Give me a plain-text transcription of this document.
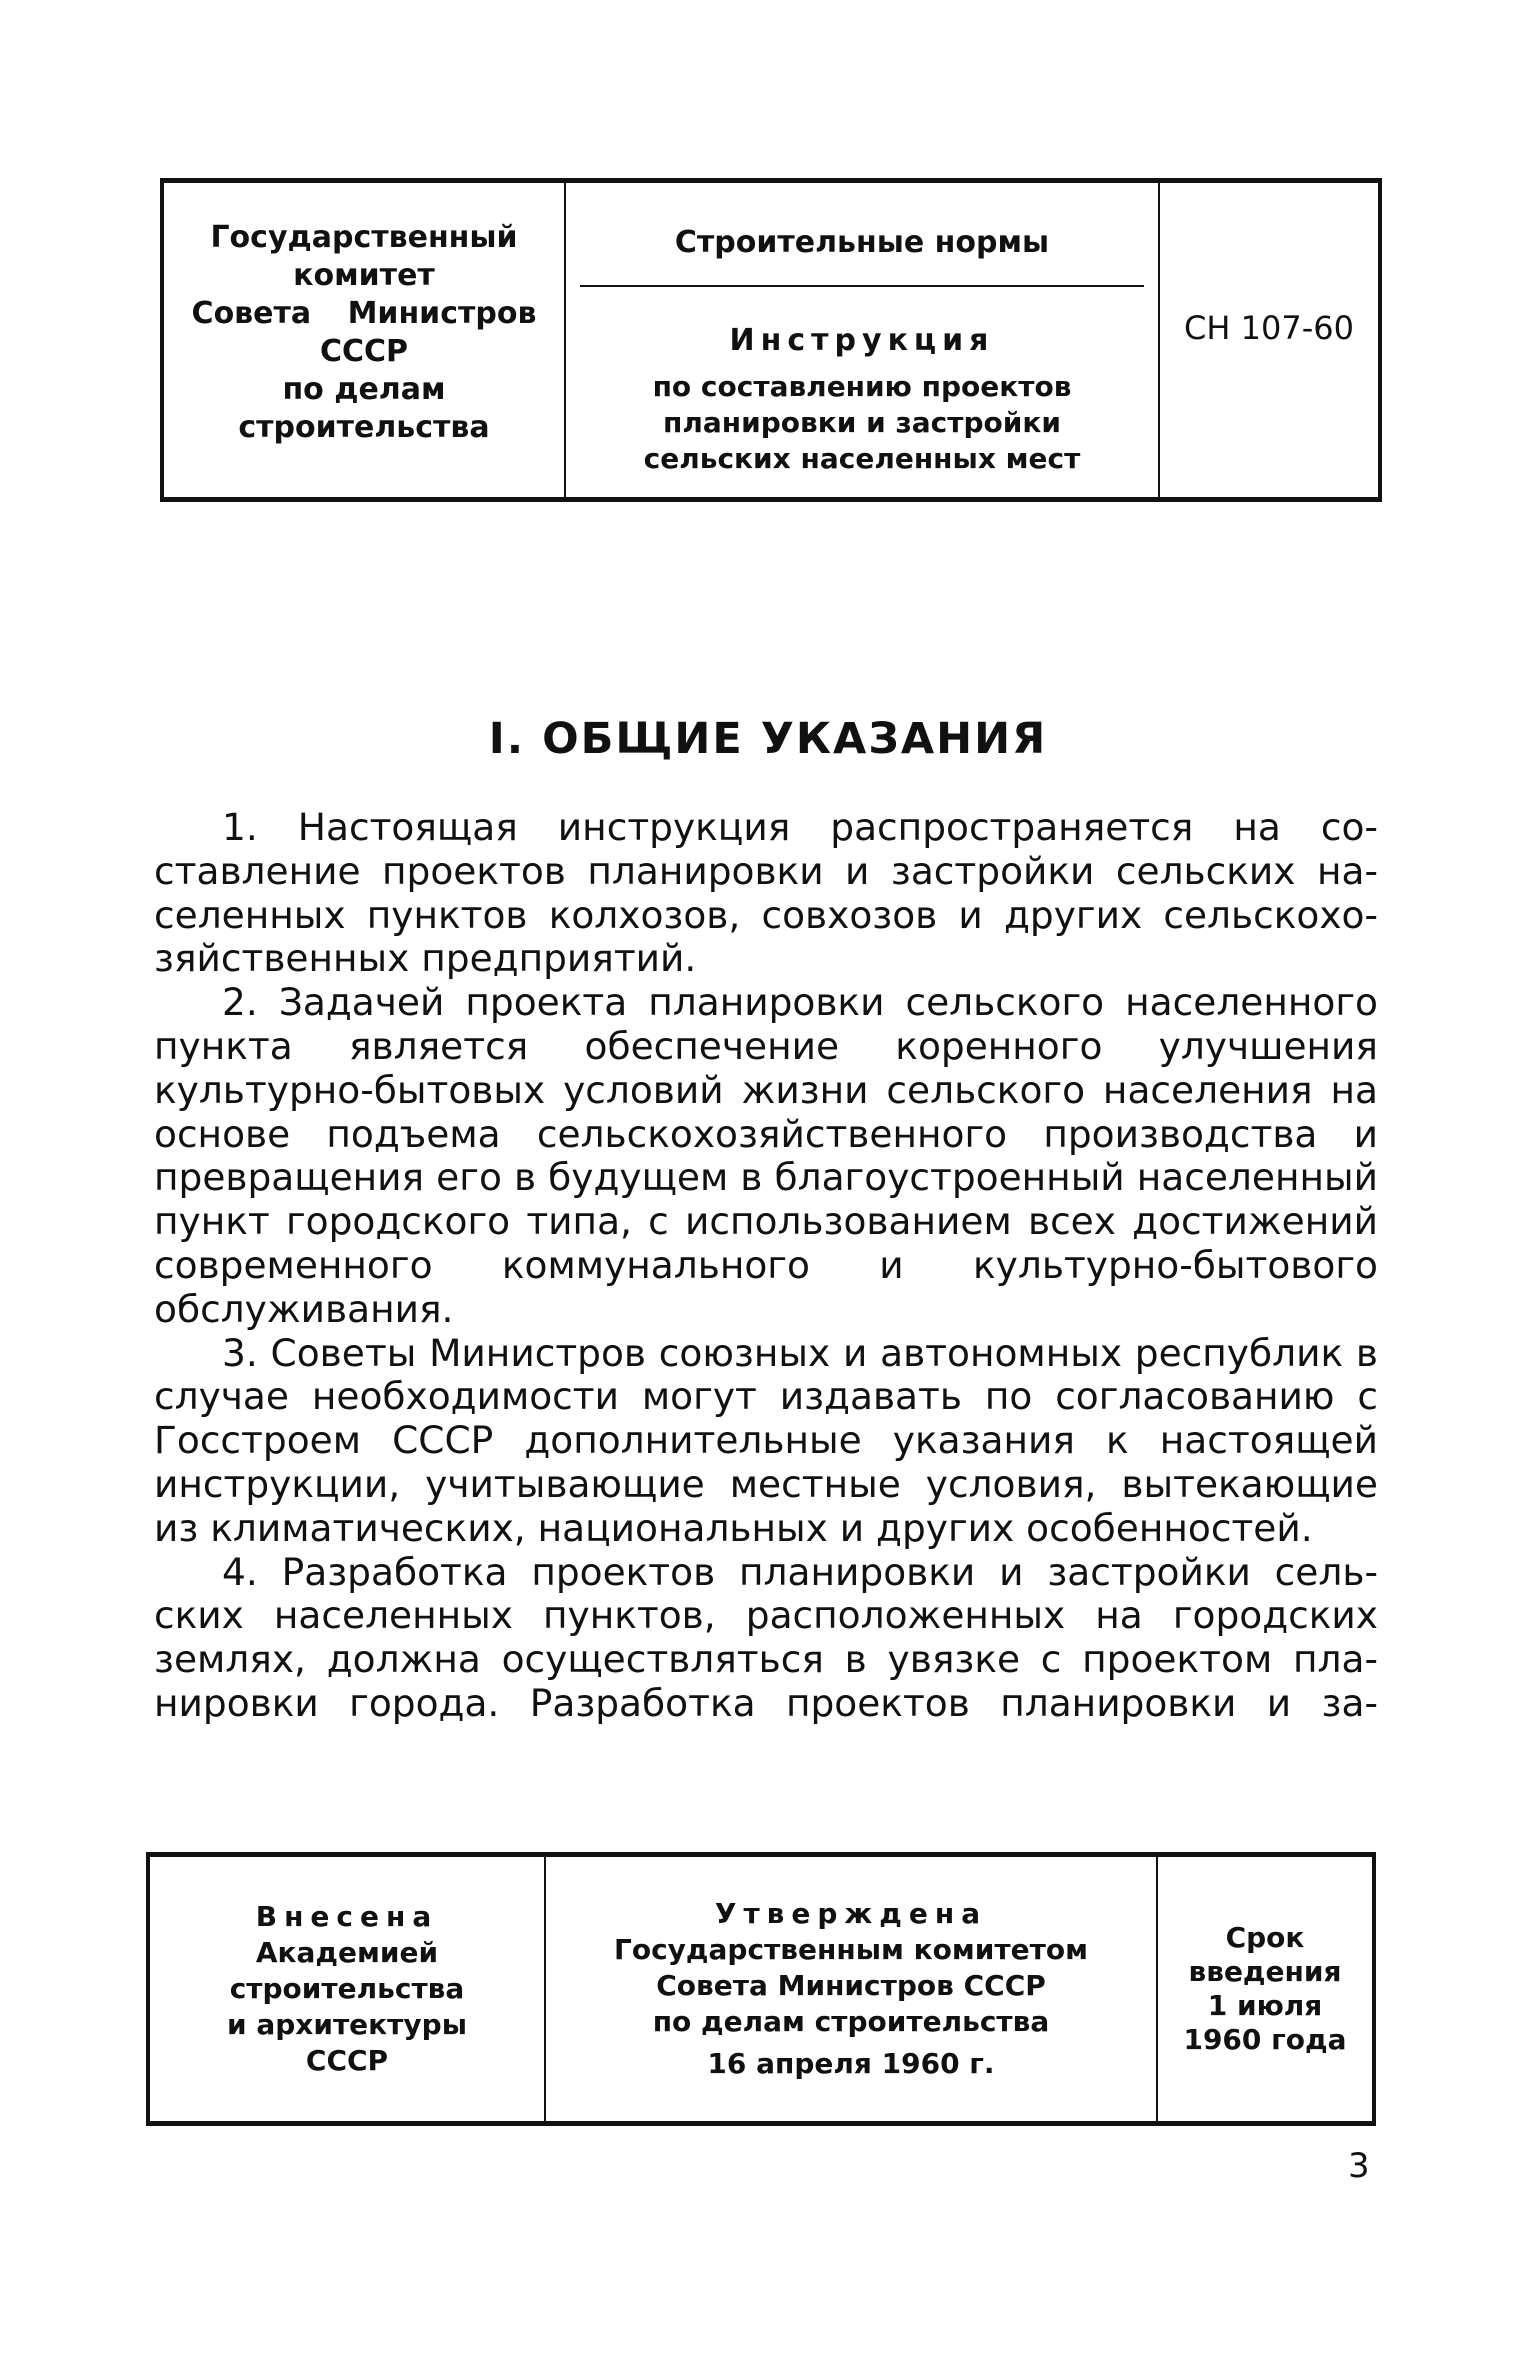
Государственный
комитет
Совета Министров
СССР
по делам
строительства
Строительные нормы
Инструкция
по составлению проектов
планировки и застройки
сельских населенных мест
СН 107-60
I. ОБЩИЕ УКАЗАНИЯ

1. Настоящая инструкция распространяется на составление проектов планировки и застройки сельских населенных пунктов колхозов, совхозов и других сельскохозяйственных предприятий.

2. Задачей проекта планировки сельского населенного пункта является обеспечение коренного улучшения культурно-бытовых условий жизни сельского населения на основе подъема сельскохозяйственного производства и превращения его в будущем в благоустроенный населенный пункт городского типа, с использованием всех достижений современного коммунального и культурно-бытового обслуживания.

3. Советы Министров союзных и автономных республик в случае необходимости могут издавать по согласованию с Госстроем СССР дополнительные указания к настоящей инструкции, учитывающие местные условия, вытекающие из климатических, национальных и других особенностей.

4. Разработка проектов планировки и застройки сельских населенных пунктов, расположенных на городских землях, должна осуществляться в увязке с проектом планировки города. Разработка проектов планировки и за-

Внесена
Академией
строительства
и архитектуры
СССР
Утверждена
Государственным комитетом
Совета Министров СССР
по делам строительства
16 апреля 1960 г.
Срок
введения
1 июля
1960 года
3
